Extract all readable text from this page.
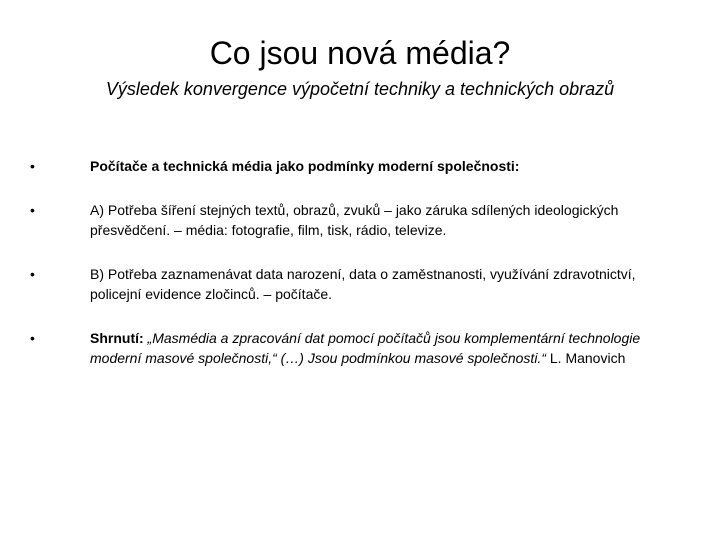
Co jsou nová média?
Výsledek konvergence výpočetní techniky a technických obrazů
•	Počítače a technická média jako podmínky moderní společnosti:
•	A) Potřeba šíření stejných textů, obrazů, zvuků – jako záruka sdílených ideologických přesvědčení. – média: fotografie, film, tisk, rádio, televize.
•	B) Potřeba zaznamenávat data narození, data o zaměstnanosti, využívání zdravotnictví, policejní evidence zločinců. – počítače.
•	Shrnutí: „Masmédia a zpracování dat pomocí počítačů jsou komplementární technologie moderní masové společnosti,“ (…) Jsou podmínkou masové společnosti.“ L. Manovich
